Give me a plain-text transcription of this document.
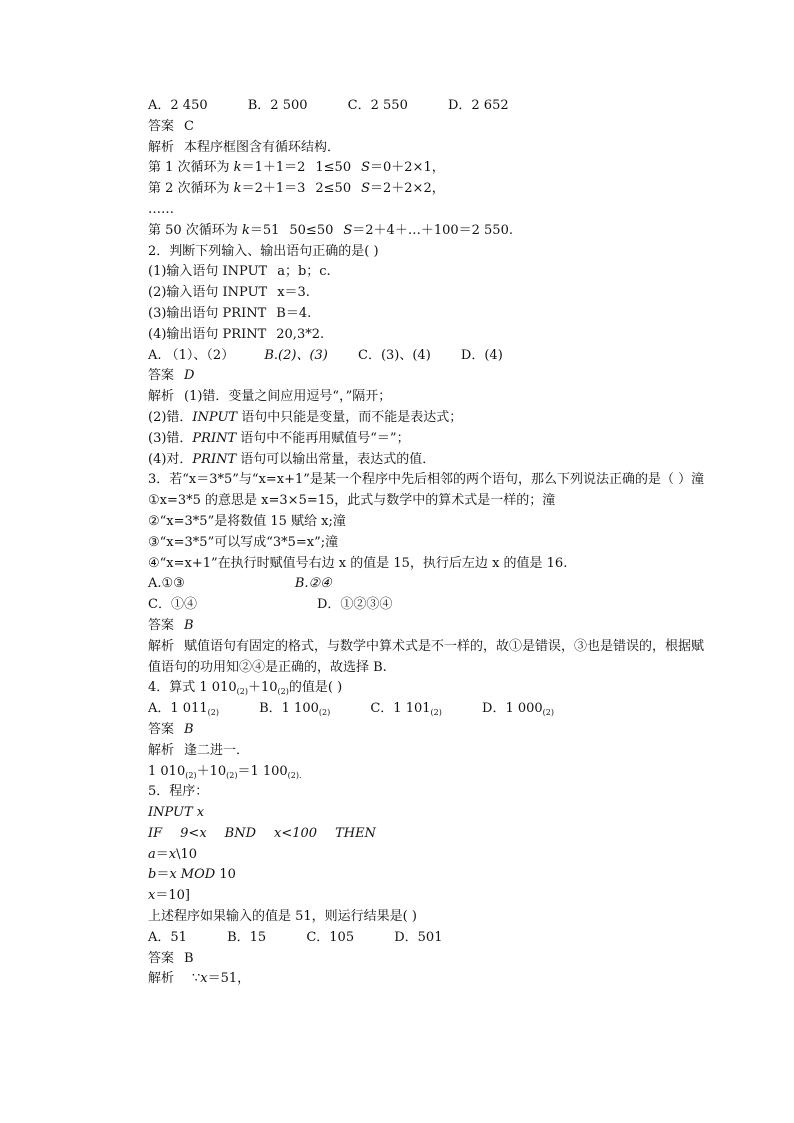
A．2 450	B．2 500	C．2 550	D．2 652
答案 C
解析 本程序框图含有循环结构．
第 1 次循环为 k＝1＋1＝2 1≤50 S＝0＋2×1，
第 2 次循环为 k＝2＋1＝3 2≤50 S＝2＋2×2，
……
第 50 次循环为 k＝51 50≤50 S＝2＋4＋…＋100＝2 550.
2．判断下列输入、输出语句正确的是( )
(1)输入语句 INPUT a；b；c.
(2)输入语句 INPUT x＝3.
(3)输出语句 PRINT B＝4.
(4)输出语句 PRINT 20,3*2.
A. （1）、（2） B.(2)、(3) C．(3)、(4) D．(4)
答案 D
解析 (1)错．变量之间应用逗号“，”隔开；
(2)错．INPUT 语句中只能是变量，而不能是表达式；
(3)错．PRINT 语句中不能再用赋值号“＝”；
(4)对．PRINT 语句可以输出常量，表达式的值．
3．若“x＝3*5”与“x=x+1”是某一个程序中先后相邻的两个语句，那么下列说法正确的是（ ）潼
①x=3*5 的意思是 x=3×5=15，此式与数学中的算术式是一样的；潼
②“x=3*5”是将数值 15 赋给 x;潼
③“x=3*5”可以写成“3*5=x”;潼
④“x=x+1”在执行时赋值号右边 x 的值是 15，执行后左边 x 的值是 16.
A.①③	B.②④
C．①④	D．①②③④
答案 B
解析 赋值语句有固定的格式，与数学中算术式是不一样的，故①是错误，③也是错误的，根据赋值语句的功用知②④是正确的，故选择 B.
4．算式 1 $010_{(2)}+10_{(2)}$的值是( )
A．1 $011_{(2)}$	B．1 $100_{(2)}$	C．1 $101_{(2)}$	D．1 $000_{(2)}$
答案 B
解析 逢二进一．
1 $010_{(2)}+10_{(2)}=1$ $100_{(2).}$
5．程序：
INPUT x
IF 9<x BND x<100 THEN
a＝x\10
b＝x MOD 10
x＝10]
上述程序如果输入的值是 51，则运行结果是( )
A．51	B．15	C．105	D．501
答案 B
解析 ∵x＝51，
